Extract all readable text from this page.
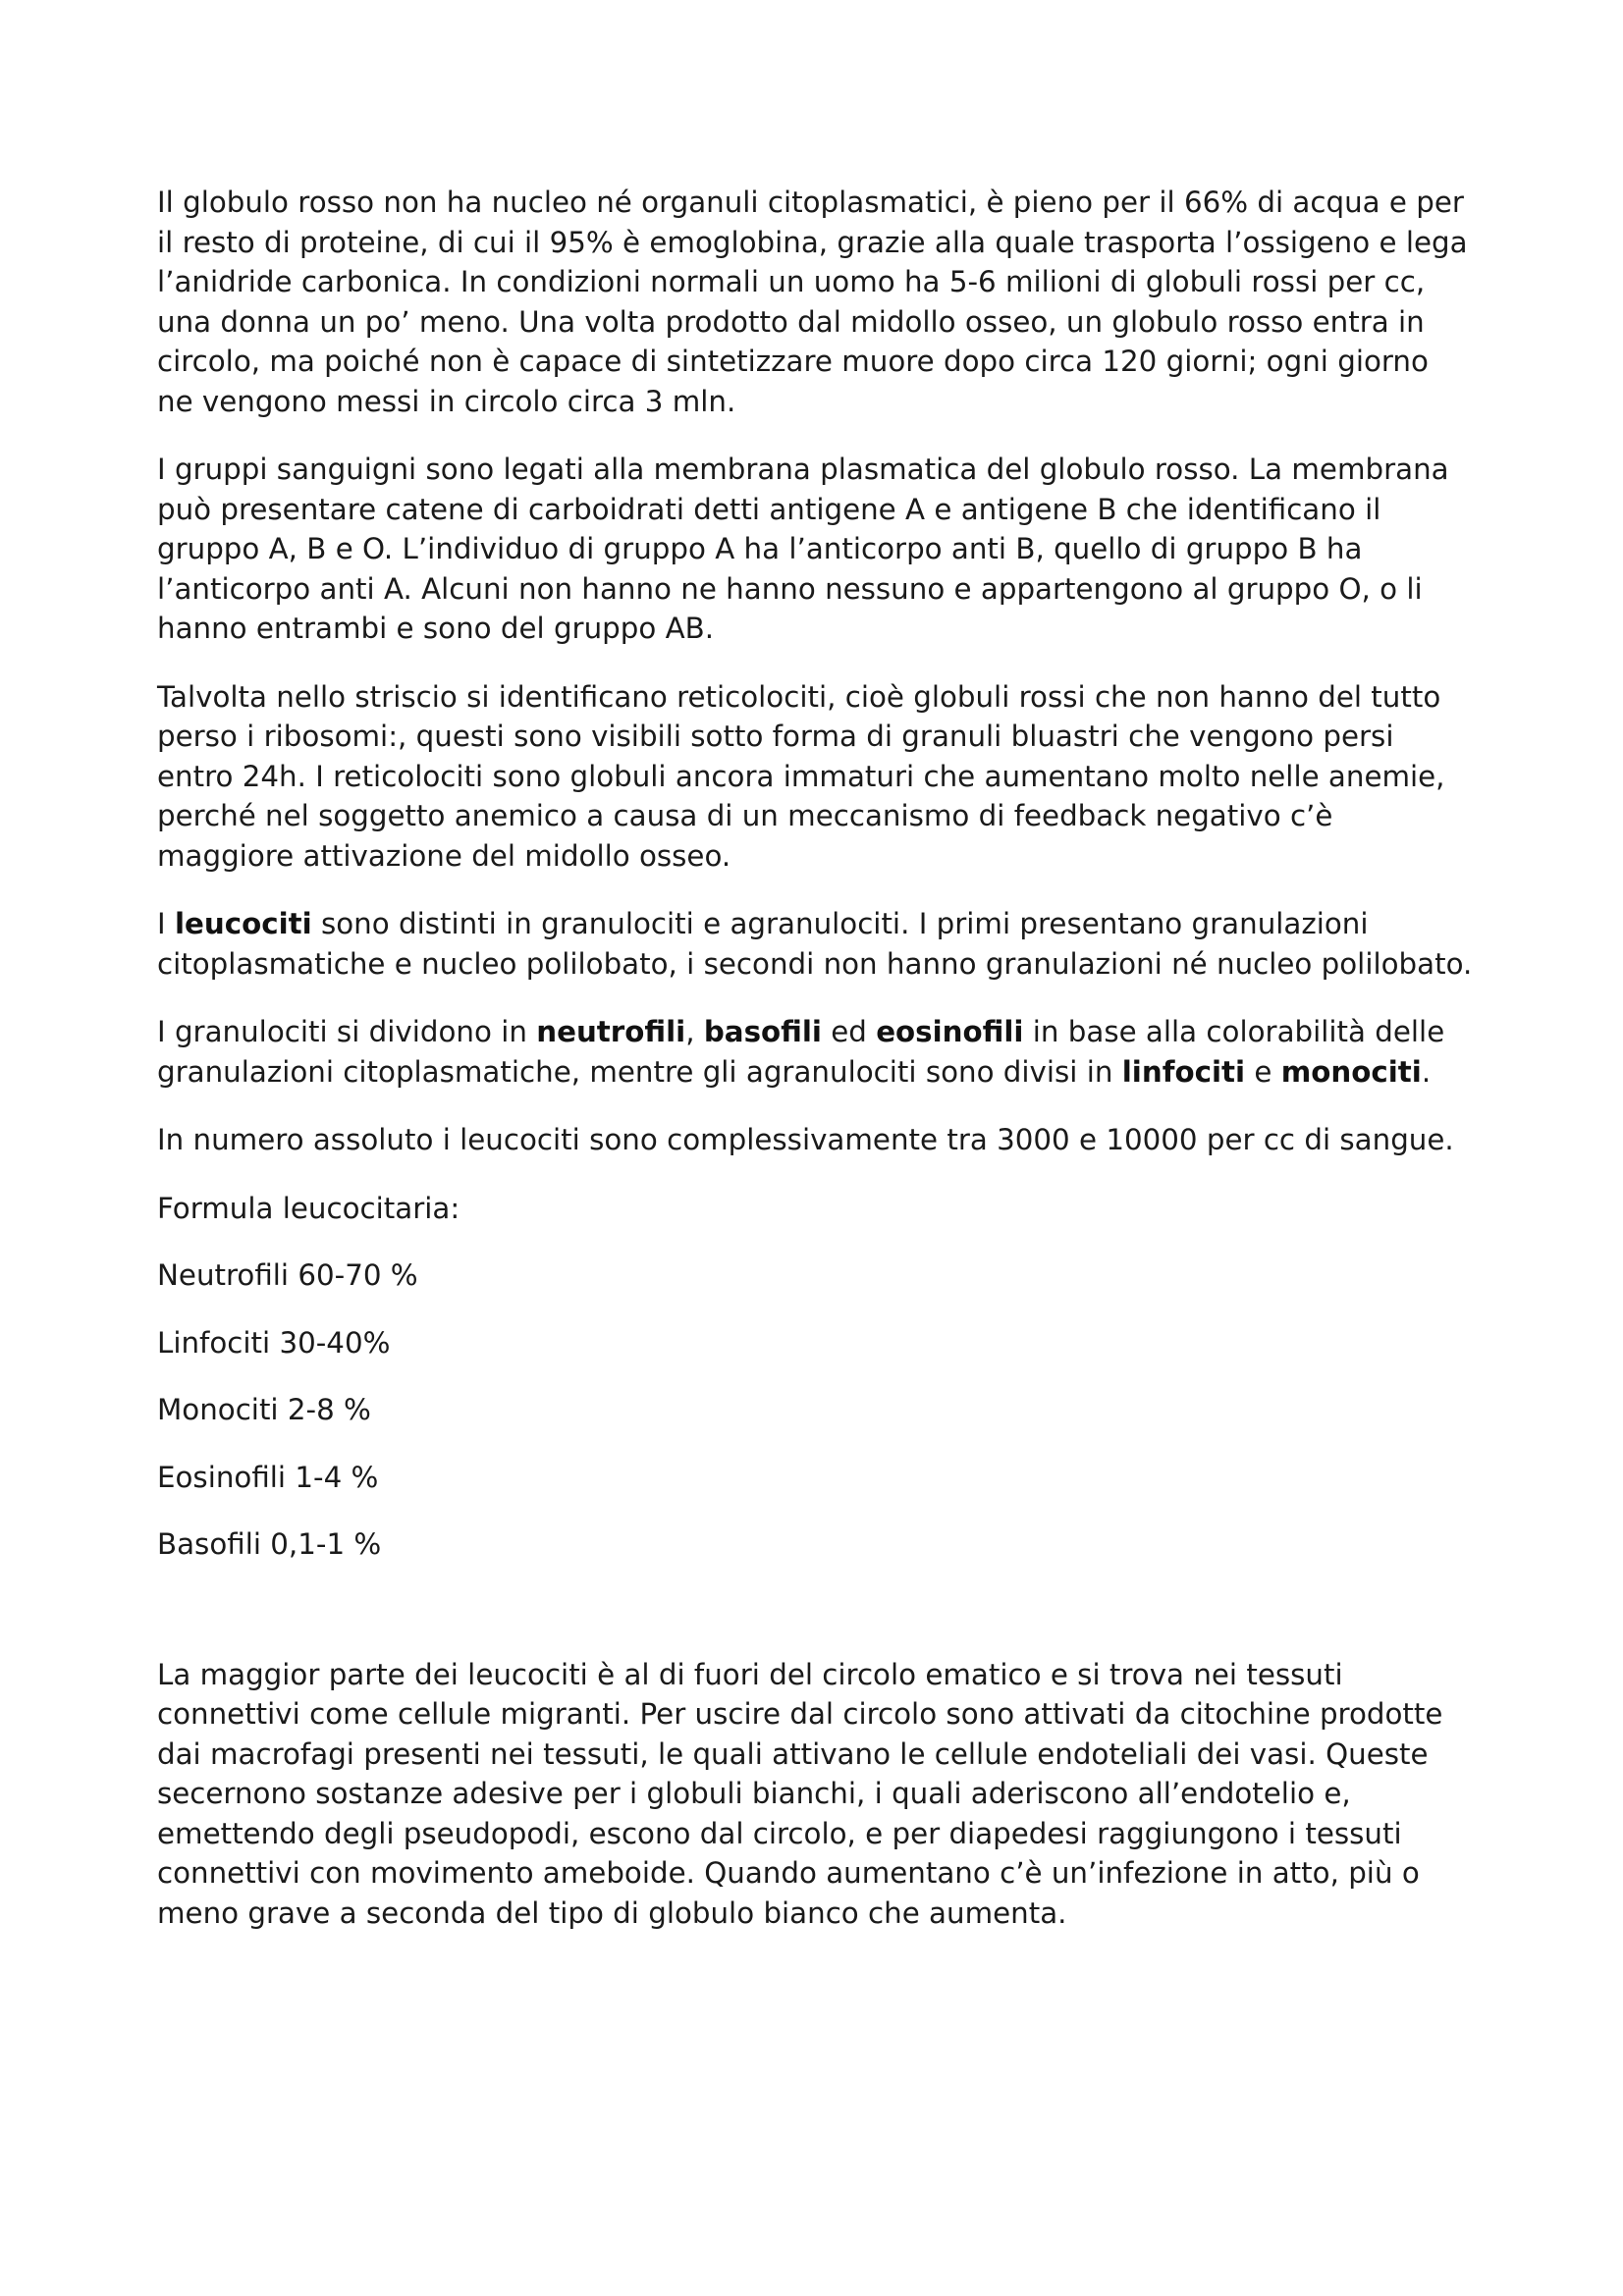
Il globulo rosso non ha nucleo né organuli citoplasmatici, è pieno per il 66% di acqua e per il resto di proteine, di cui il 95% è emoglobina, grazie alla quale trasporta l’ossigeno e lega l’anidride carbonica. In condizioni normali un uomo ha 5-6 milioni di globuli rossi per cc, una donna un po’ meno. Una volta prodotto dal midollo osseo, un globulo rosso entra in circolo, ma poiché non è capace di sintetizzare muore dopo circa 120 giorni; ogni giorno ne vengono messi in circolo circa 3 mln.

I gruppi sanguigni sono legati alla membrana plasmatica del globulo rosso. La membrana può presentare catene di carboidrati detti antigene A e antigene B che identificano il gruppo A, B e O. L’individuo di gruppo A ha l’anticorpo anti B, quello di gruppo B ha l’anticorpo anti A. Alcuni non hanno ne hanno nessuno e appartengono al gruppo O, o li hanno entrambi e sono del gruppo AB.

Talvolta nello striscio si identificano reticolociti, cioè globuli rossi che non hanno del tutto perso i ribosomi:, questi sono visibili sotto forma di granuli bluastri che vengono persi entro 24h. I reticolociti sono globuli ancora immaturi che aumentano molto nelle anemie, perché nel soggetto anemico a causa di un meccanismo di feedback negativo c’è maggiore attivazione del midollo osseo.

I leucociti sono distinti in granulociti e agranulociti. I primi presentano granulazioni citoplasmatiche e nucleo polilobato, i secondi non hanno granulazioni né nucleo polilobato.

I granulociti si dividono in neutrofili, basofili ed eosinofili in base alla colorabilità delle granulazioni citoplasmatiche, mentre gli agranulociti sono divisi in linfociti e monociti.

In numero assoluto i leucociti sono complessivamente tra 3000 e 10000 per cc di sangue.

Formula leucocitaria:

Neutrofili 60-70 %

Linfociti 30-40%

Monociti 2-8 %

Eosinofili 1-4 %

Basofili 0,1-1 %

La maggior parte dei leucociti è al di fuori del circolo ematico e si trova nei tessuti connettivi come cellule migranti. Per uscire dal circolo sono attivati da citochine prodotte dai macrofagi presenti nei tessuti, le quali attivano le cellule endoteliali dei vasi. Queste secernono sostanze adesive per i globuli bianchi, i quali aderiscono all’endotelio e, emettendo degli pseudopodi, escono dal circolo, e per diapedesi raggiungono i tessuti connettivi con movimento ameboide. Quando aumentano c’è un’infezione in atto, più o meno grave a seconda del tipo di globulo bianco che aumenta.
